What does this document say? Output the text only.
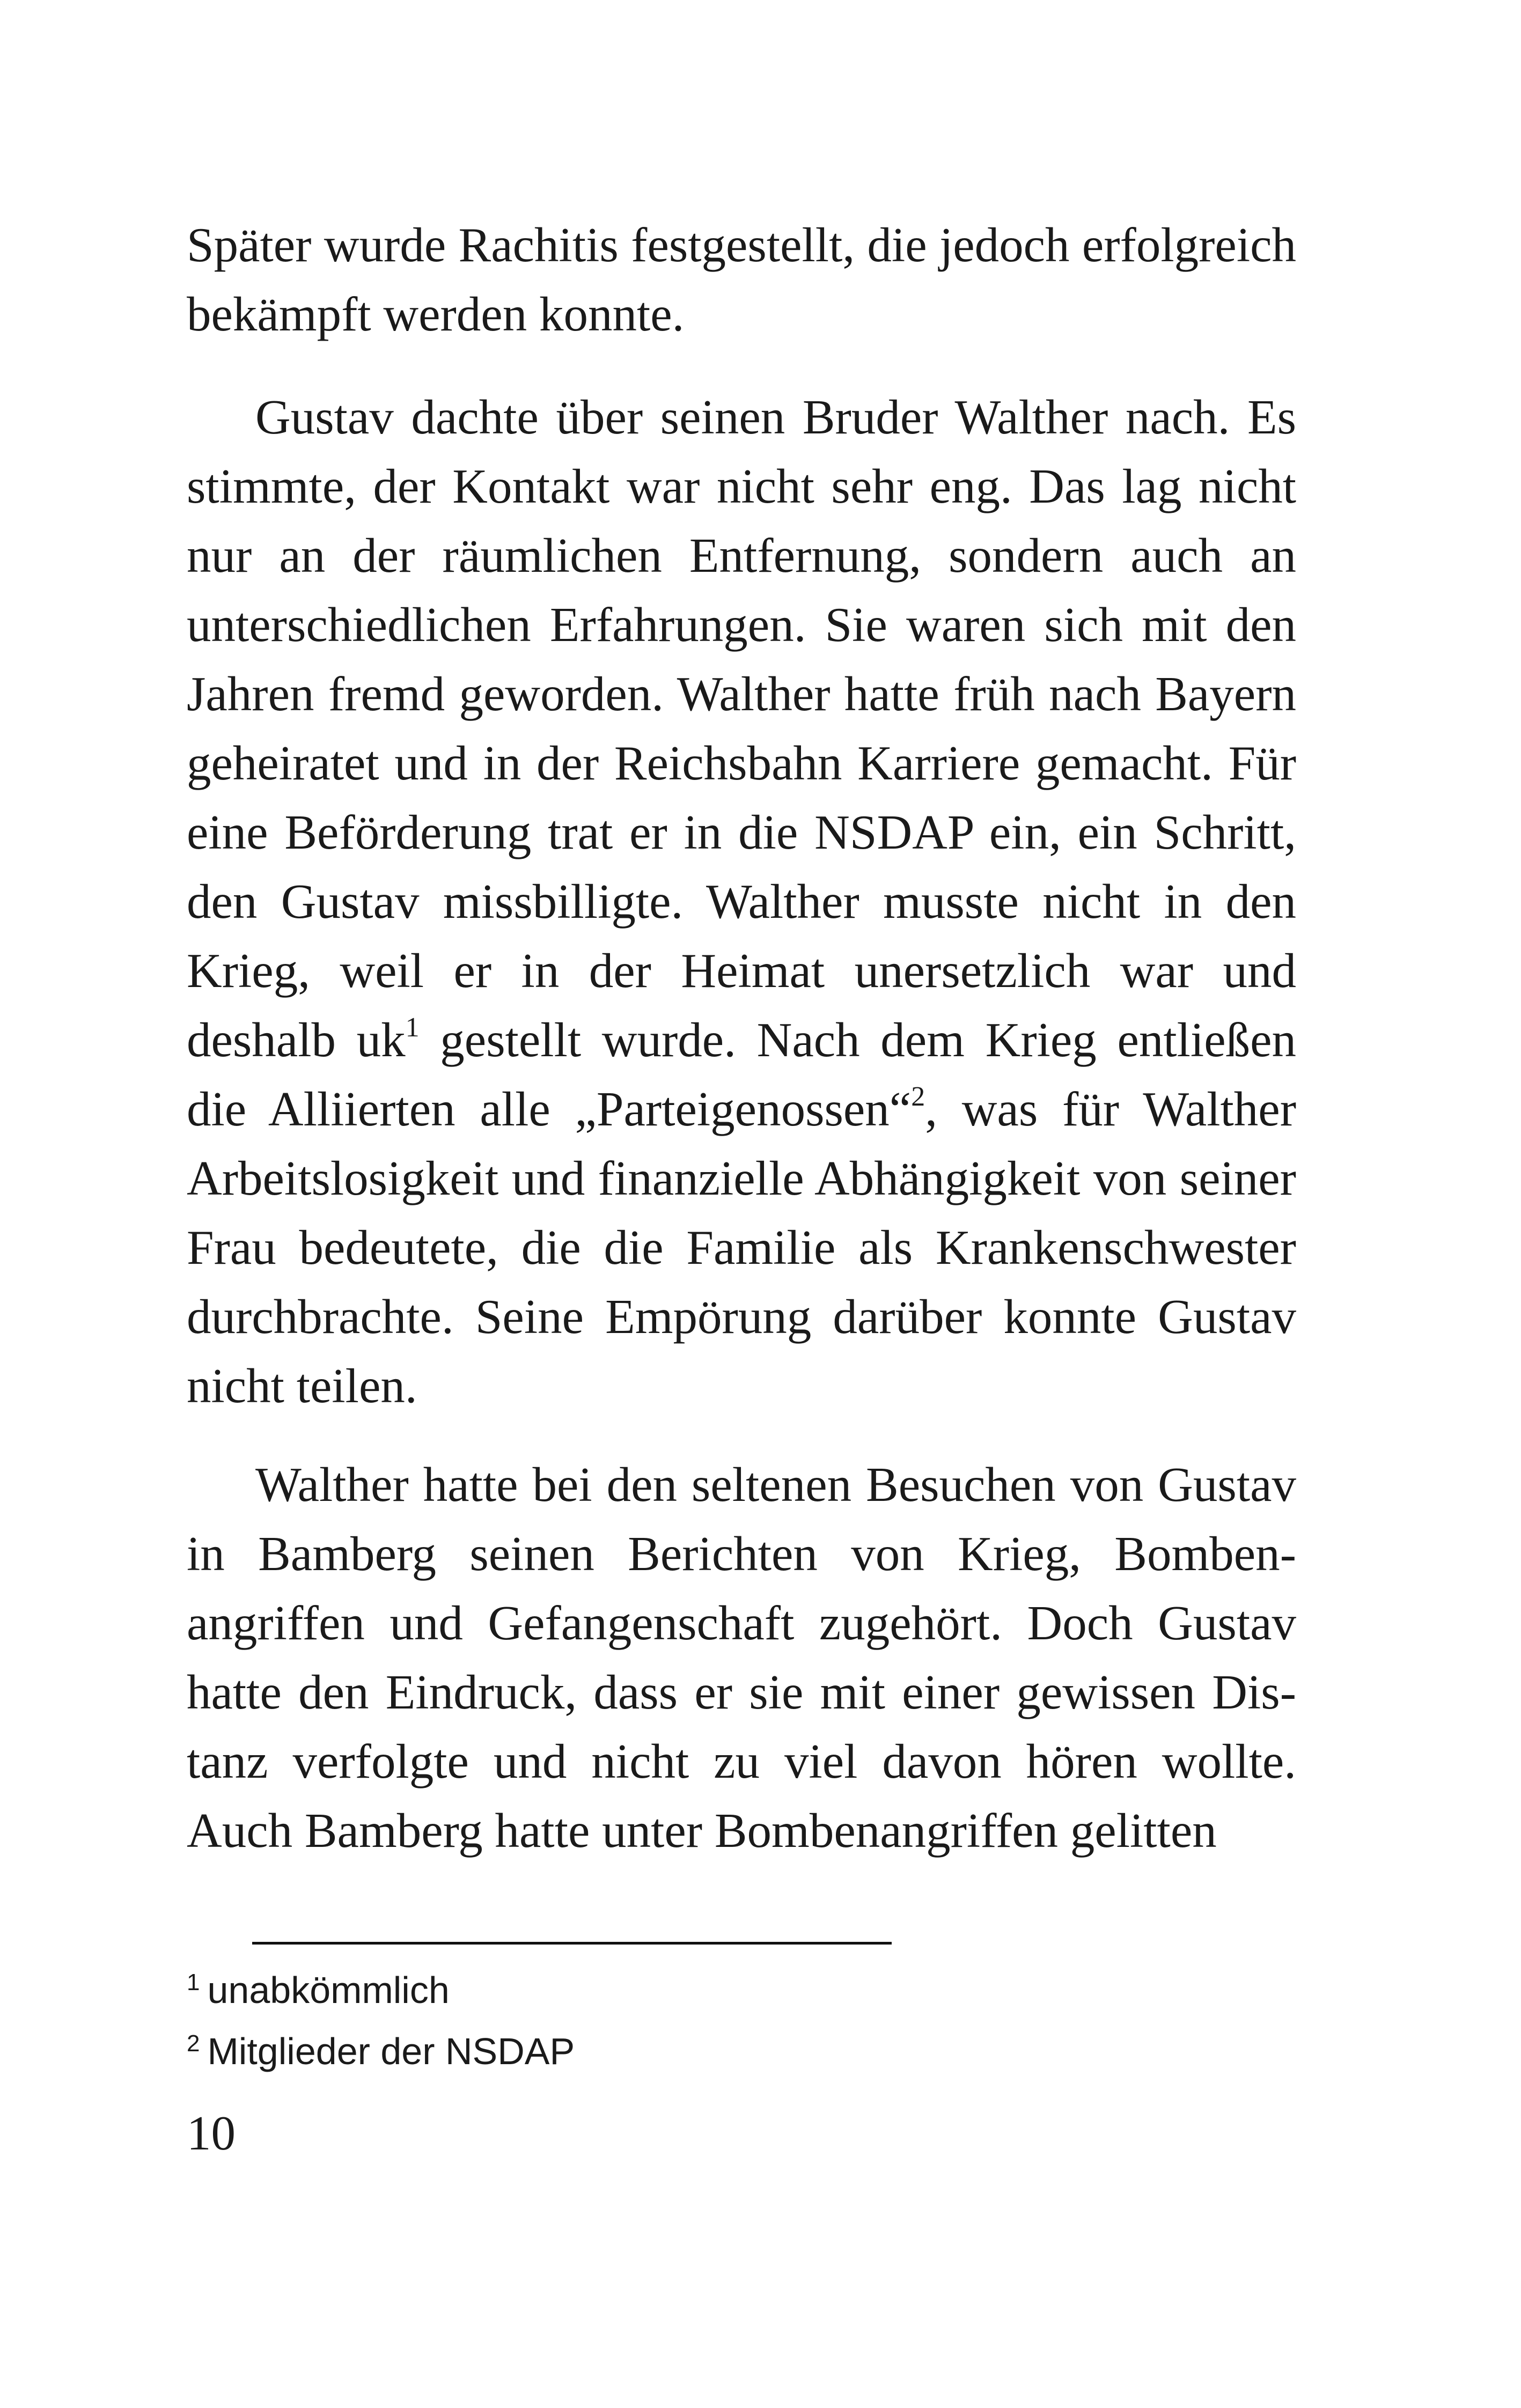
Später wurde Rachitis festgestellt, die jedoch erfolgreich bekämpft werden konnte.

Gustav dachte über seinen Bruder Walther nach. Es stimmte, der Kontakt war nicht sehr eng. Das lag nicht nur an der räumlichen Entfernung, sondern auch an unterschiedlichen Erfahrungen. Sie waren sich mit den Jahren fremd geworden. Walther hatte früh nach Bayern geheiratet und in der Reichsbahn Karriere gemacht. Für eine Beförderung trat er in die NSDAP ein, ein Schritt, den Gustav missbilligte. Walther musste nicht in den Krieg, weil er in der Heimat unersetzlich war und deshalb uk$^1$ gestellt wurde. Nach dem Krieg entließen die Alliierten alle „Parteigenossen“$^2$, was für Walther Arbeitslosigkeit und finanzielle Abhängigkeit von seiner Frau bedeutete, die die Familie als Krankenschwester durchbrachte. Seine Empörung darüber konnte Gustav nicht teilen.

Walther hatte bei den seltenen Besuchen von Gustav in Bamberg seinen Berichten von Krieg, Bombenangriffen und Gefangenschaft zugehört. Doch Gustav hatte den Eindruck, dass er sie mit einer gewissen Distanz verfolgte und nicht zu viel davon hören wollte. Auch Bamberg hatte unter Bombenangriffen gelitten

$^1$ unabkömmlich
$^2$ Mitglieder der NSDAP
10
